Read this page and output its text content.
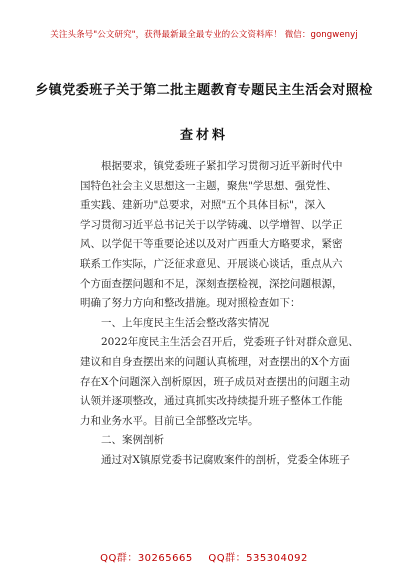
关注头条号"公文研究"，获得最新最全最专业的公文资料库！ 微信：gongwenyj
乡镇党委班子关于第二批主题教育专题民主生活会对照检
查材料

根据要求，镇党委班子紧扣学习贯彻习近平新时代中

国特色社会主义思想这一主题，聚焦"学思想、强党性、

重实践、建新功"总要求，对照"五个具体目标"，深入

学习贯彻习近平总书记关于以学铸魂、以学增智、以学正

风、以学促干等重要论述以及对广西重大方略要求，紧密

联系工作实际，广泛征求意见、开展谈心谈话，重点从六

个方面查摆问题和不足，深刻查摆检视，深挖问题根源，

明确了努力方向和整改措施。现对照检查如下：

一、上年度民主生活会整改落实情况

2022年度民主生活会召开后，党委班子针对群众意见、

建议和自身查摆出来的问题认真梳理，对查摆出的X个方面

存在X个问题深入剖析原因，班子成员对查摆出的问题主动

认领并逐项整改，通过真抓实改持续提升班子整体工作能

力和业务水平。目前已全部整改完毕。

二、案例剖析

通过对X镇原党委书记腐败案件的剖析，党委全体班子

QQ群：30265665 QQ群：535304092
